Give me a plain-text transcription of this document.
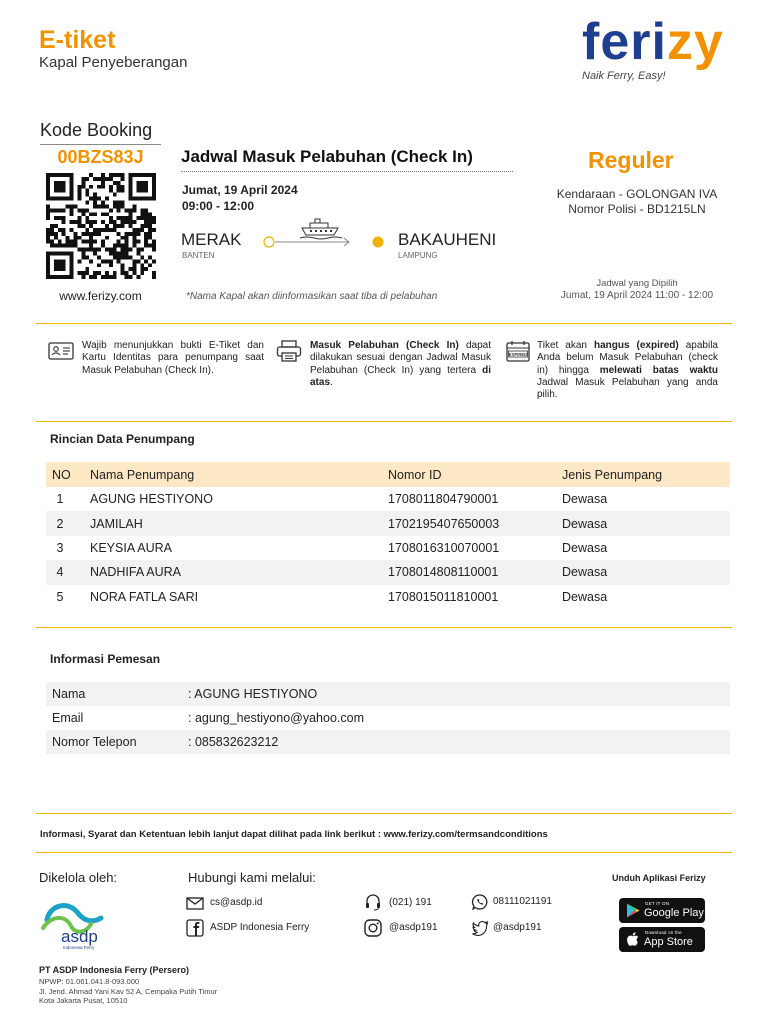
E-tiket
Kapal Penyeberangan	ferizy
Naik Ferry, Easy!
Kode Booking
00BZS83J
www.ferizy.com
Jadwal Masuk Pelabuhan (Check In)
Jumat, 19 April 2024
09:00 - 12:00
MERAK
BANTEN
BAKAUHENI
LAMPUNG
*Nama Kapal akan diinformasikan saat tiba di pelabuhan
Reguler
Kendaraan - GOLONGAN IVA
Nomor Polisi - BD1215LN
Jadwal yang Dipilih
Jumat, 19 April 2024 11:00 - 12:00
Wajib menunjukkan bukti E-Tiket dan Kartu Identitas para penumpang saat Masuk Pelabuhan (Check In).
Masuk Pelabuhan (Check In) dapat dilakukan sesuai dengan Jadwal Masuk Pelabuhan (Check In) yang tertera di atas.
EXPIRED
Tiket akan hangus (expired) apabila Anda belum Masuk Pelabuhan (check in) hingga melewati batas waktu Jadwal Masuk Pelabuhan yang anda pilih.
Rincian Data Penumpang
NO	Nama Penumpang	Nomor ID	Jenis Penumpang
1	AGUNG HESTIYONO	1708011804790001	Dewasa
2	JAMILAH	1702195407650003	Dewasa
3	KEYSIA AURA	1708016310070001	Dewasa
4	NADHIFA AURA	1708014808110001	Dewasa
5	NORA FATLA SARI	1708015011810001	Dewasa
Informasi Pemesan
Nama	: AGUNG HESTIYONO
Email	: agung_hestiyono@yahoo.com
Nomor Telepon	: 085832623212
Informasi, Syarat dan Ketentuan lebih lanjut dapat dilihat pada link berikut : www.ferizy.com/termsandconditions
Dikelola oleh:	Hubungi kami melalui:
asdp
Indonesia Ferry
cs@asdp.id
ASDP Indonesia Ferry
(021) 191
@asdp191
08111021191
@asdp191
Unduh Aplikasi Ferizy
GET IT ON
Google Play
Download on the
App Store
PT ASDP Indonesia Ferry (Persero)
NPWP: 01.061.041.8-093.000
Jl. Jend. Ahmad Yani Kav 52 A, Cempaka Putih Timur
Kota Jakarta Pusat, 10510
